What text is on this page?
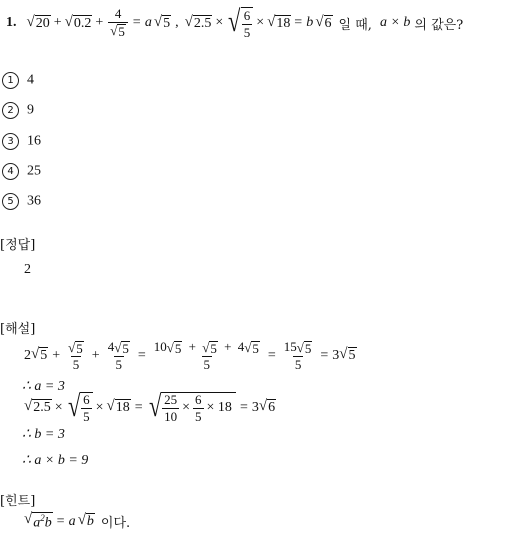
1. √ 20 + √ $0.2 + \frac{4}{√ 5} = a$ √ 5 , √ 2.5 × √ $\frac{6}{5}$ × √ 18 = b √ 6 일 때, a × b 의 값은?
1 4
2 9
3 16
4 25
5 36
[정답]
2
[해설]
2 √ $5 + \frac{√ 5}{5} + \frac{4 √ 5}{5} = \frac{10 √ 5 + √ 5 + 4 √ 5}{5} = \frac{15 √ 5}{5} = 3$ √ 5
∴ a = 3
√ 2.5 × √ $\frac{6}{5}$ × √ 18 = √ $\frac{25}{10} \times \frac{6}{5} \times 18 = 3$ √ 6
∴ b = 3
∴ a × b = 9
[힌트]
√ $a^2b = a$ √ b 이다.
